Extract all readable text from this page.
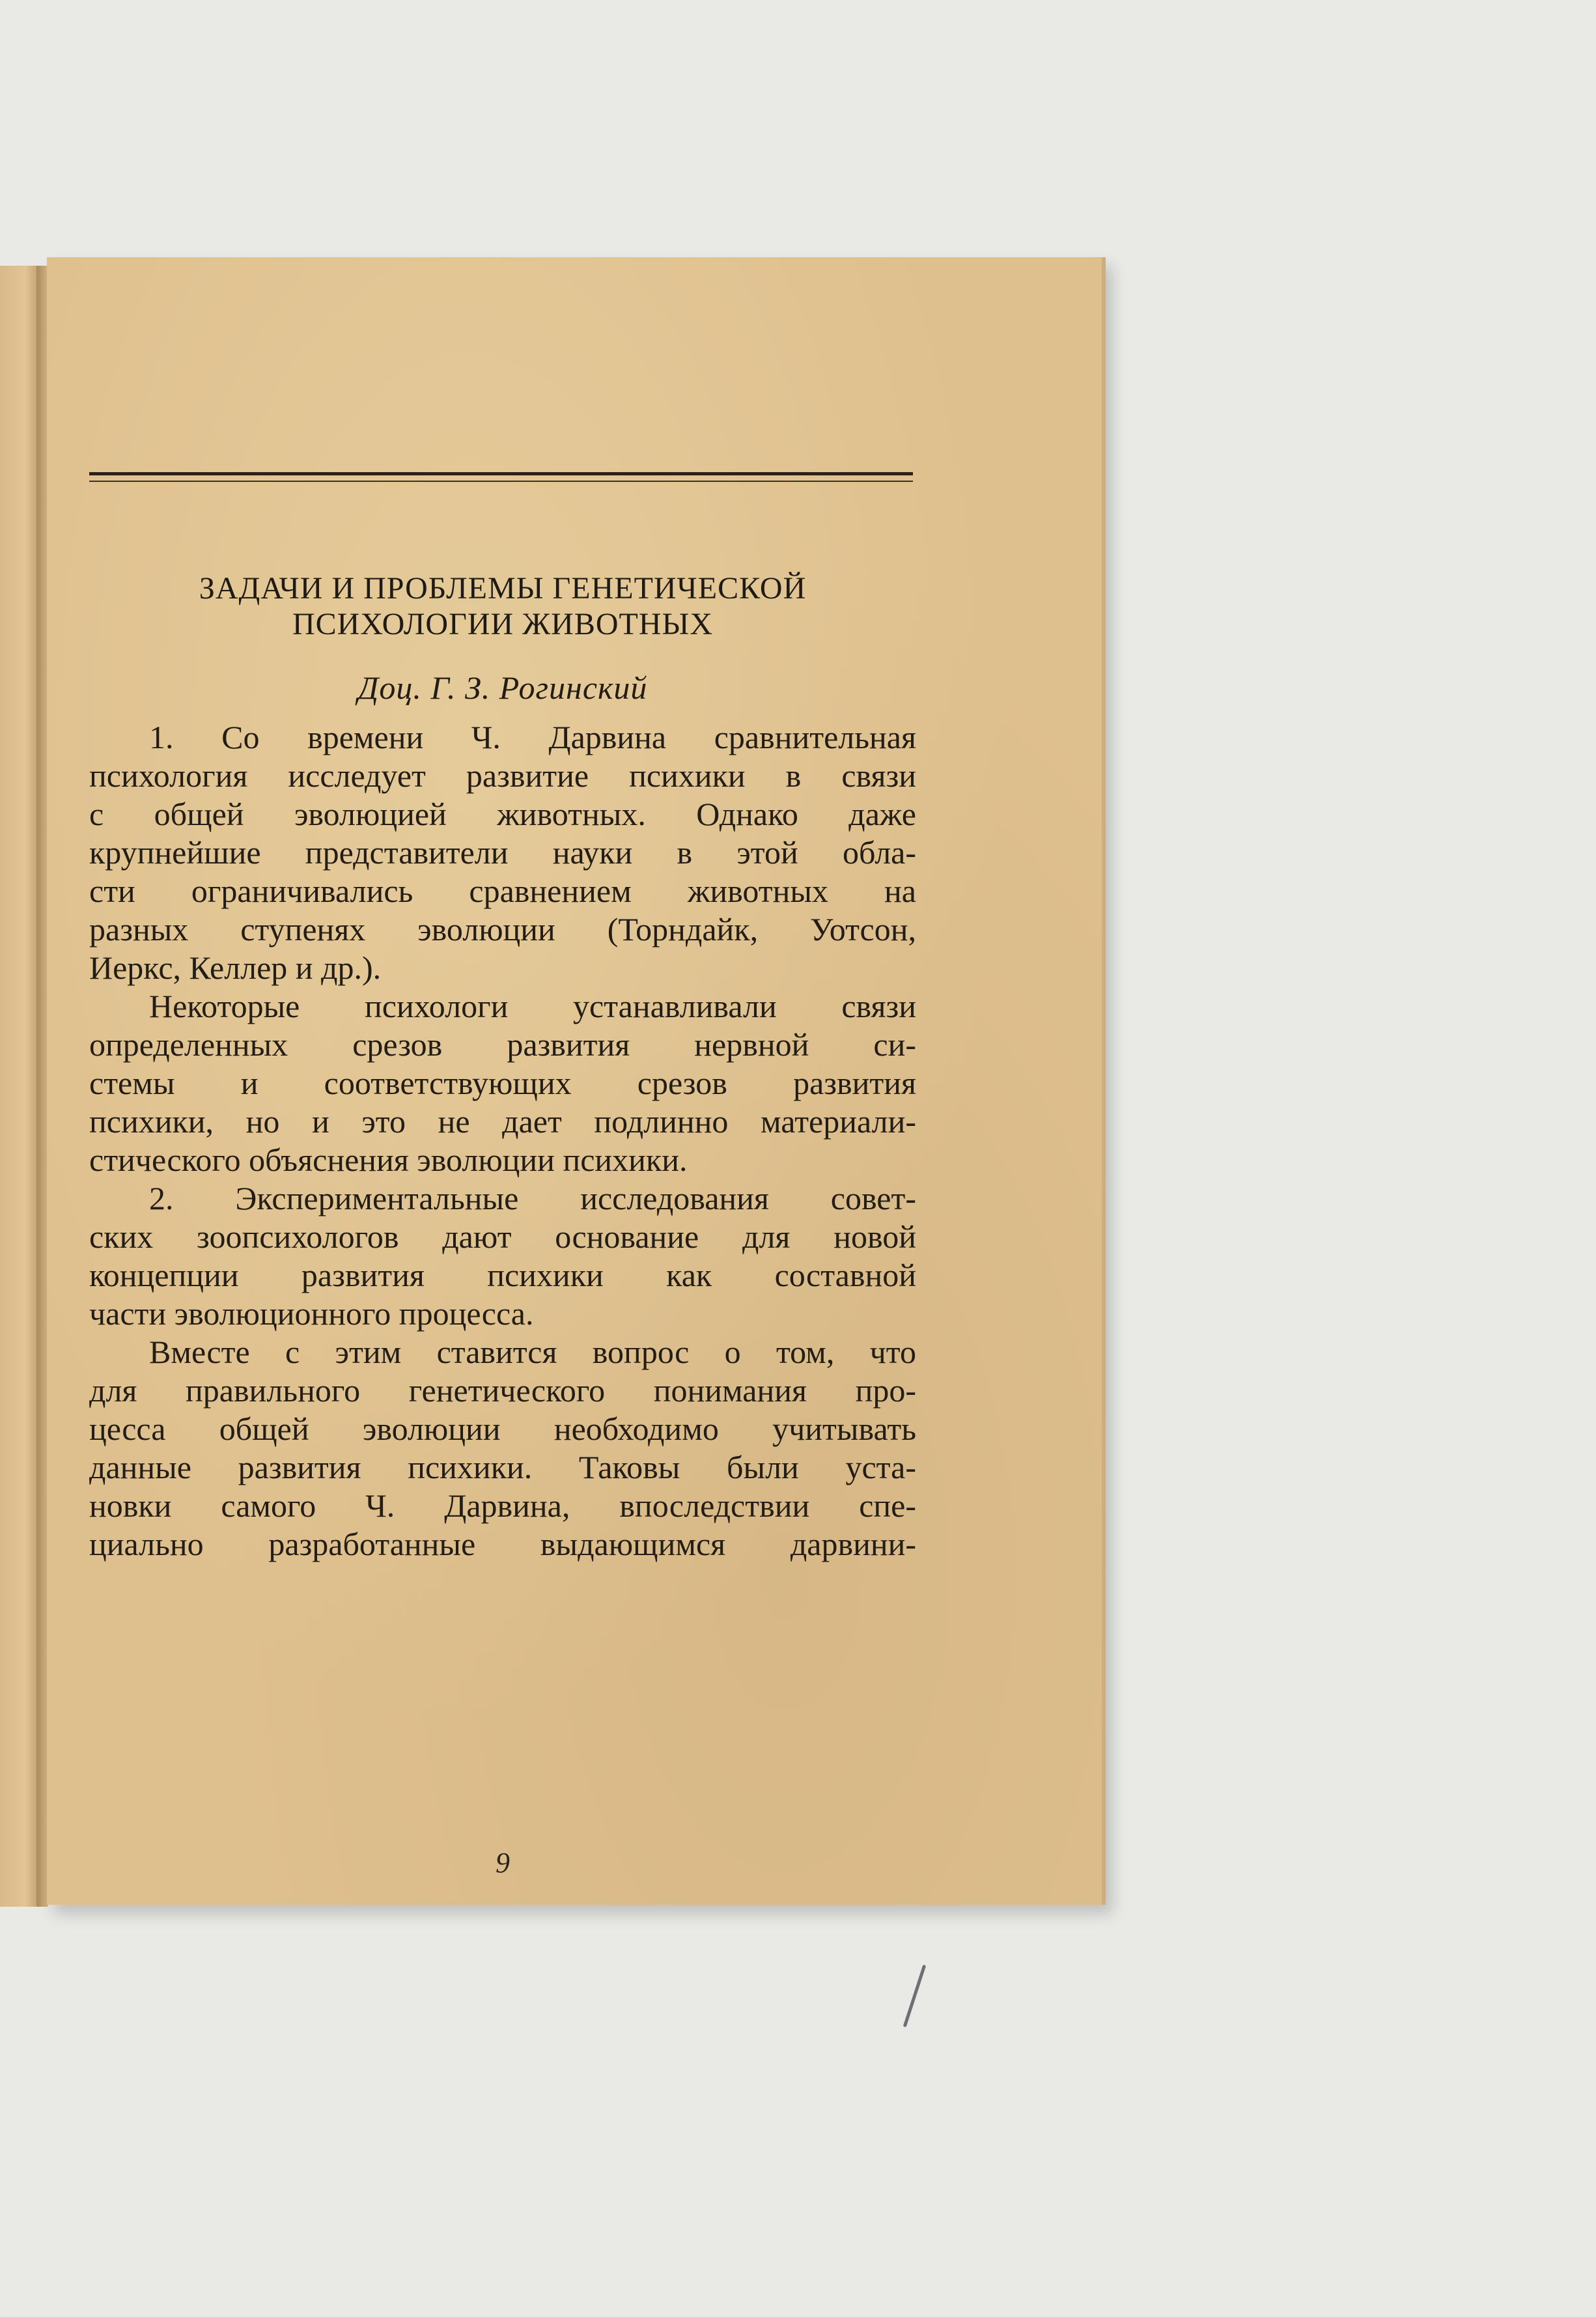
ЗАДАЧИ И ПРОБЛЕМЫ ГЕНЕТИЧЕСКОЙ
ПСИХОЛОГИИ ЖИВОТНЫХ
Доц. Г. З. Рогинский
1. Со времени Ч. Дарвина сравнительная
психология исследует развитие психики в связи
с общей эволюцией животных. Однако даже
крупнейшие представители науки в этой обла-
сти ограничивались сравнением животных на
разных ступенях эволюции (Торндайк, Уотсон,
Иеркс, Келлер и др.).
Некоторые психологи устанавливали связи
определенных срезов развития нервной си-
стемы и соответствующих срезов развития
психики, но и это не дает подлинно материали-
стического объяснения эволюции психики.
2. Экспериментальные исследования совет-
ских зоопсихологов дают основание для новой
концепции развития психики как составной
части эволюционного процесса.
Вместе с этим ставится вопрос о том, что
для правильного генетического понимания про-
цесса общей эволюции необходимо учитывать
данные развития психики. Таковы были уста-
новки самого Ч. Дарвина, впоследствии спе-
циально разработанные выдающимся дарвини-
9
